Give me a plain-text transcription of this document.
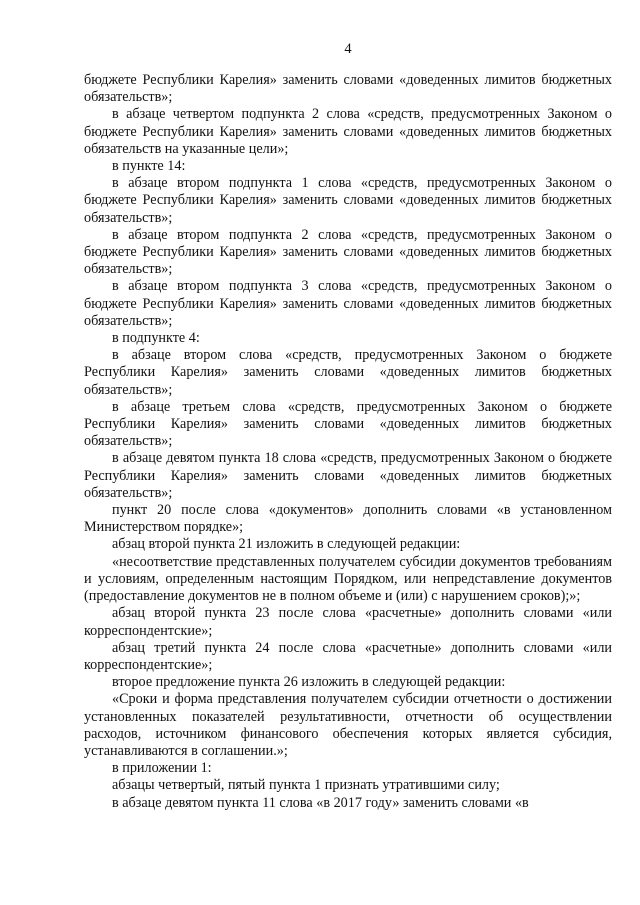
4

бюджете Республики Карелия» заменить словами «доведенных лимитов бюджетных обязательств»;

в абзаце четвертом подпункта 2 слова «средств, предусмотренных Законом о бюджете Республики Карелия» заменить словами «доведенных лимитов бюджетных обязательств на указанные цели»;

в пункте 14:

в абзаце втором подпункта 1 слова «средств, предусмотренных Законом о бюджете Республики Карелия» заменить словами «доведенных лимитов бюджетных обязательств»;

в абзаце втором подпункта 2 слова «средств, предусмотренных Законом о бюджете Республики Карелия» заменить словами «доведенных лимитов бюджетных обязательств»;

в абзаце втором подпункта 3 слова «средств, предусмотренных Законом о бюджете Республики Карелия» заменить словами «доведенных лимитов бюджетных обязательств»;

в подпункте 4:

в абзаце втором слова «средств, предусмотренных Законом о бюджете Республики Карелия» заменить словами «доведенных лимитов бюджетных обязательств»;

в абзаце третьем слова «средств, предусмотренных Законом о бюджете Республики Карелия» заменить словами «доведенных лимитов бюджетных обязательств»;

в абзаце девятом пункта 18 слова «средств, предусмотренных Законом о бюджете Республики Карелия» заменить словами «доведенных лимитов бюджетных обязательств»;

пункт 20 после слова «документов» дополнить словами «в установленном Министерством порядке»;

абзац второй пункта 21 изложить в следующей редакции:

«несоответствие представленных получателем субсидии документов требованиям и условиям, определенным настоящим Порядком, или непредставление документов (предоставление документов не в полном объеме и (или) с нарушением сроков);»;

абзац второй пункта 23 после слова «расчетные» дополнить словами «или корреспондентские»;

абзац третий пункта 24 после слова «расчетные» дополнить словами «или корреспондентские»;

второе предложение пункта 26 изложить в следующей редакции:

«Сроки и форма представления получателем субсидии отчетности о достижении установленных показателей результативности, отчетности об осуществлении расходов, источником финансового обеспечения которых является субсидия, устанавливаются в соглашении.»;

в приложении 1:

абзацы четвертый, пятый пункта 1 признать утратившими силу;

в абзаце девятом пункта 11 слова «в 2017 году» заменить словами «в
